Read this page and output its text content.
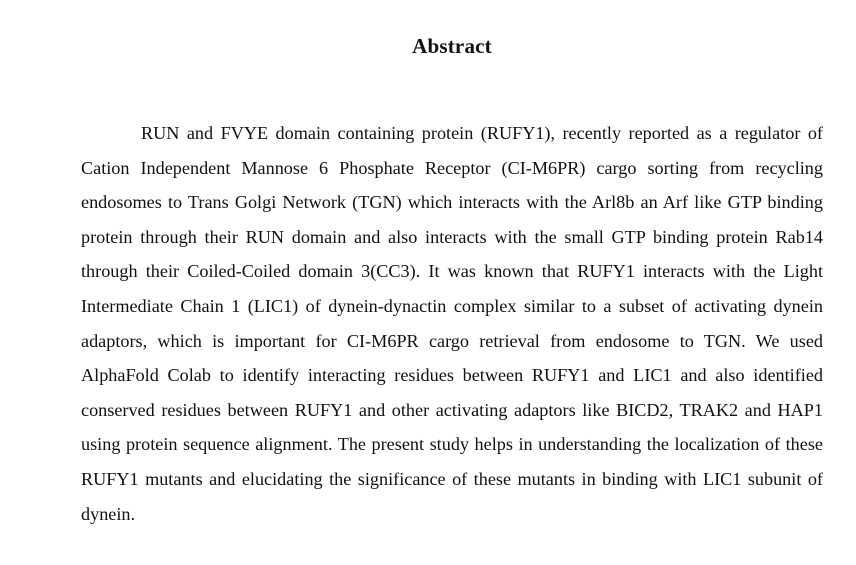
Abstract

RUN and FVYE domain containing protein (RUFY1), recently reported as a regulator of Cation Independent Mannose 6 Phosphate Receptor (CI-M6PR) cargo sorting from recycling endosomes to Trans Golgi Network (TGN) which interacts with the Arl8b an Arf like GTP binding protein through their RUN domain and also interacts with the small GTP binding protein Rab14 through their Coiled-Coiled domain 3(CC3). It was known that RUFY1 interacts with the Light Intermediate Chain 1 (LIC1) of dynein-dynactin complex similar to a subset of activating dynein adaptors, which is important for CI-M6PR cargo retrieval from endosome to TGN. We used AlphaFold Colab to identify interacting residues between RUFY1 and LIC1 and also identified conserved residues between RUFY1 and other activating adaptors like BICD2, TRAK2 and HAP1 using protein sequence alignment. The present study helps in understanding the localization of these RUFY1 mutants and elucidating the significance of these mutants in binding with LIC1 subunit of dynein.
